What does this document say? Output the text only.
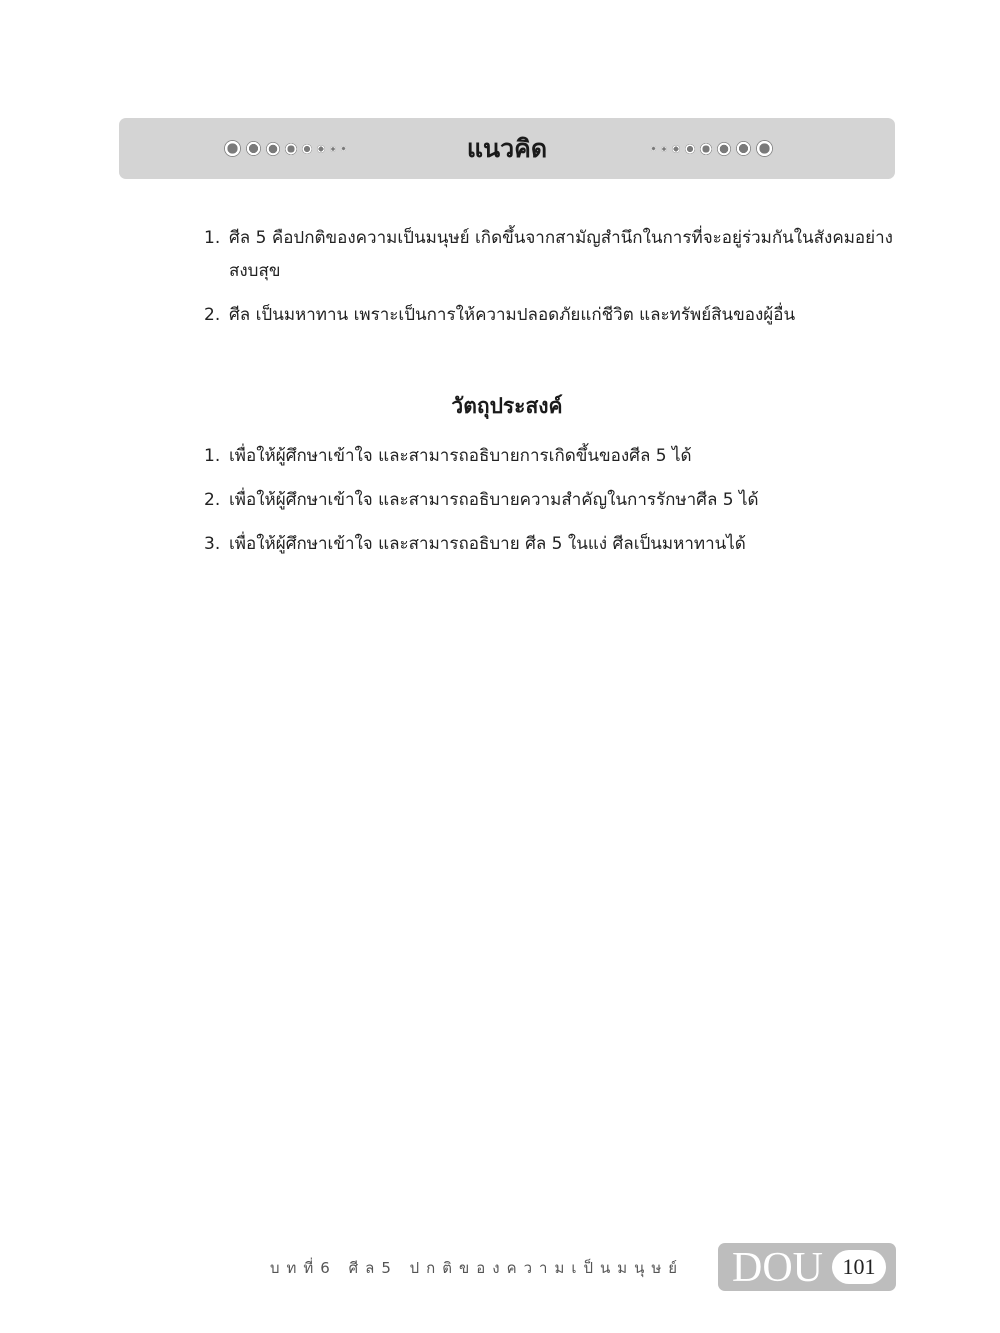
แนวคิด
1. ศีล 5 คือปกติของความเป็นมนุษย์ เกิดขึ้นจากสามัญสำนึกในการที่จะอยู่ร่วมกันในสังคมอย่างสงบสุข
2. ศีล เป็นมหาทาน เพราะเป็นการให้ความปลอดภัยแก่ชีวิต และทรัพย์สินของผู้อื่น
วัตถุประสงค์
1. เพื่อให้ผู้ศึกษาเข้าใจ และสามารถอธิบายการเกิดขึ้นของศีล 5 ได้
2. เพื่อให้ผู้ศึกษาเข้าใจ และสามารถอธิบายความสำคัญในการรักษาศีล 5 ได้
3. เพื่อให้ผู้ศึกษาเข้าใจ และสามารถอธิบาย ศีล 5 ในแง่ ศีลเป็นมหาทานได้
บทที่6 ศีล5 ปกติของความเป็นมนุษย์ DOU 101
